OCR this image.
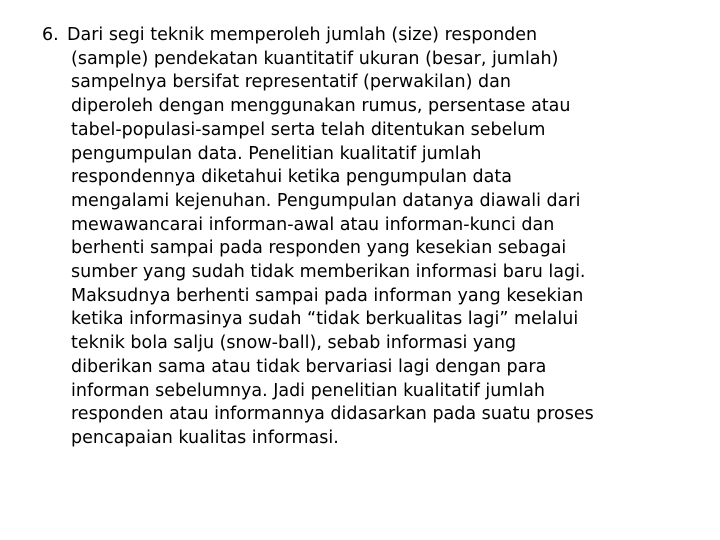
6. Dari segi teknik memperoleh jumlah (size) responden
(sample) pendekatan kuantitatif ukuran (besar, jumlah)
sampelnya bersifat representatif (perwakilan) dan
diperoleh dengan menggunakan rumus, persentase atau
tabel-populasi-sampel serta telah ditentukan sebelum
pengumpulan data. Penelitian kualitatif jumlah
respondennya diketahui ketika pengumpulan data
mengalami kejenuhan. Pengumpulan datanya diawali dari
mewawancarai informan-awal atau informan-kunci dan
berhenti sampai pada responden yang kesekian sebagai
sumber yang sudah tidak memberikan informasi baru lagi.
Maksudnya berhenti sampai pada informan yang kesekian
ketika informasinya sudah “tidak berkualitas lagi” melalui
teknik bola salju (snow-ball), sebab informasi yang
diberikan sama atau tidak bervariasi lagi dengan para
informan sebelumnya. Jadi penelitian kualitatif jumlah
responden atau informannya didasarkan pada suatu proses
pencapaian kualitas informasi.
